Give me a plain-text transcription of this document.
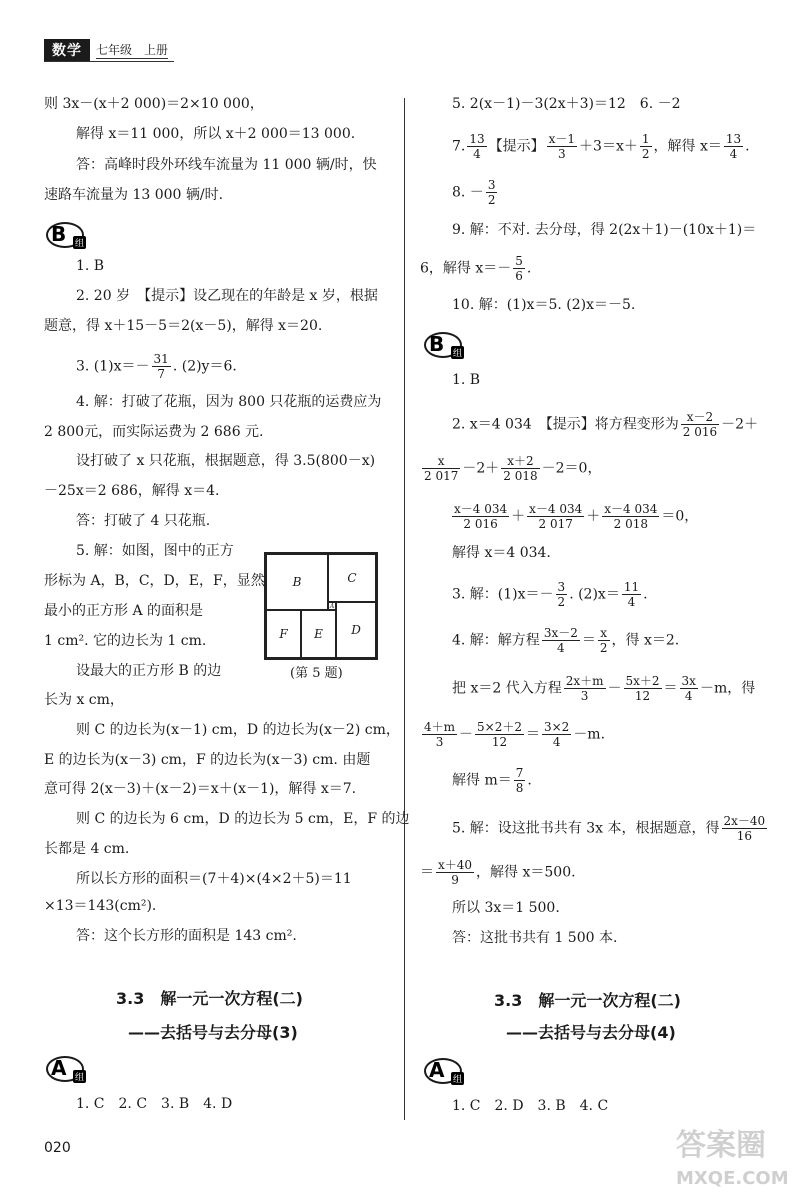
数学	七年级　上册
则 3x－(x＋2 000)＝2×10 000，
解得 x＝11 000，所以 x＋2 000＝13 000.
答：高峰时段外环线车流量为 11 000 辆/时，快
速路车流量为 13 000 辆/时.
B 组
1. B
2. 20 岁　【提示】设乙现在的年龄是 x 岁，根据
题意，得 x＋15－5＝2(x－5)，解得 x＝20.
3. $(1)x=- \frac{31}{7}$ . (2)y＝6.
4. 解：打破了花瓶，因为 800 只花瓶的运费应为
2 800元，而实际运费为 2 686 元.
设打破了 x 只花瓶，根据题意，得 3.5(800－x)
－25x＝2 686，解得 x＝4.
答：打破了 4 只花瓶.
5. 解：如图，图中的正方
形标为 A，B，C，D，E，F，显然
最小的正方形 A 的面积是
1 cm². 它的边长为 1 cm.
设最大的正方形 B 的边
长为 x cm，
B	C
A
D
F	E
(第 5 题)
则 C 的边长为(x－1) cm，D 的边长为(x－2) cm，
E 的边长为(x－3) cm，F 的边长为(x－3) cm. 由题
意可得 2(x－3)＋(x－2)＝x＋(x－1)，解得 x＝7.
则 C 的边长为 6 cm，D 的边长为 5 cm，E，F 的边
长都是 4 cm.
所以长方形的面积＝(7＋4)×(4×2＋5)＝11
×13＝143(cm²).
答：这个长方形的面积是 143 cm².
3.3　解一元一次方程(二)
——去括号与去分母(3)
A 组
1. C　2. C　3. B　4. D
5. 2(x－1)－3(2x＋3)＝12　6. －2
7. $\frac{13}{4}$ 【提示】 $\frac{x-1}{3} +3=x+ \frac{1}{2}$ ，解得 $x= \frac{13}{4}$ .
8. － $\frac{3}{2}$
9. 解：不对. 去分母，得 2(2x＋1)－(10x＋1)＝
6，解得 $x=- \frac{5}{6}$ .
10. 解：(1)x＝5. (2)x＝－5.
B 组
1. B
2. x＝4 034　【提示】将方程变形为 $\frac{x-2}{2 016} -2+$
$\frac{x}{2 017} -2+ \frac{x+2}{2 018} -2=0$，
$\frac{x-4 034}{2 016} + \frac{x-4 034}{2 017} + \frac{x-4 034}{2 018} =0$，
解得 x＝4 034.
3. 解：$(1)x=- \frac{3}{2}$ . $(2)x= \frac{11}{4}$ .
4. 解：解方程 $\frac{3x-2}{4} = \frac{x}{2}$ ，得 x＝2.
把 x＝2 代入方程 $\frac{2x+m}{3} - \frac{5x+2}{12} = \frac{3x}{4} -m$，得
$\frac{4+m}{3} - \frac{5\times 2+2}{12} = \frac{3\times 2}{4} -m$.
解得 $m= \frac{7}{8}$ .
5. 解：设这批书共有 3x 本，根据题意，得 $\frac{2x-40}{16}$
＝ $\frac{x+40}{9}$ ，解得 x＝500.
所以 3x＝1 500.
答：这批书共有 1 500 本.
3.3　解一元一次方程(二)
——去括号与去分母(4)
A 组
1. C　2. D　3. B　4. C
020	答案圈
MXQE.COM
